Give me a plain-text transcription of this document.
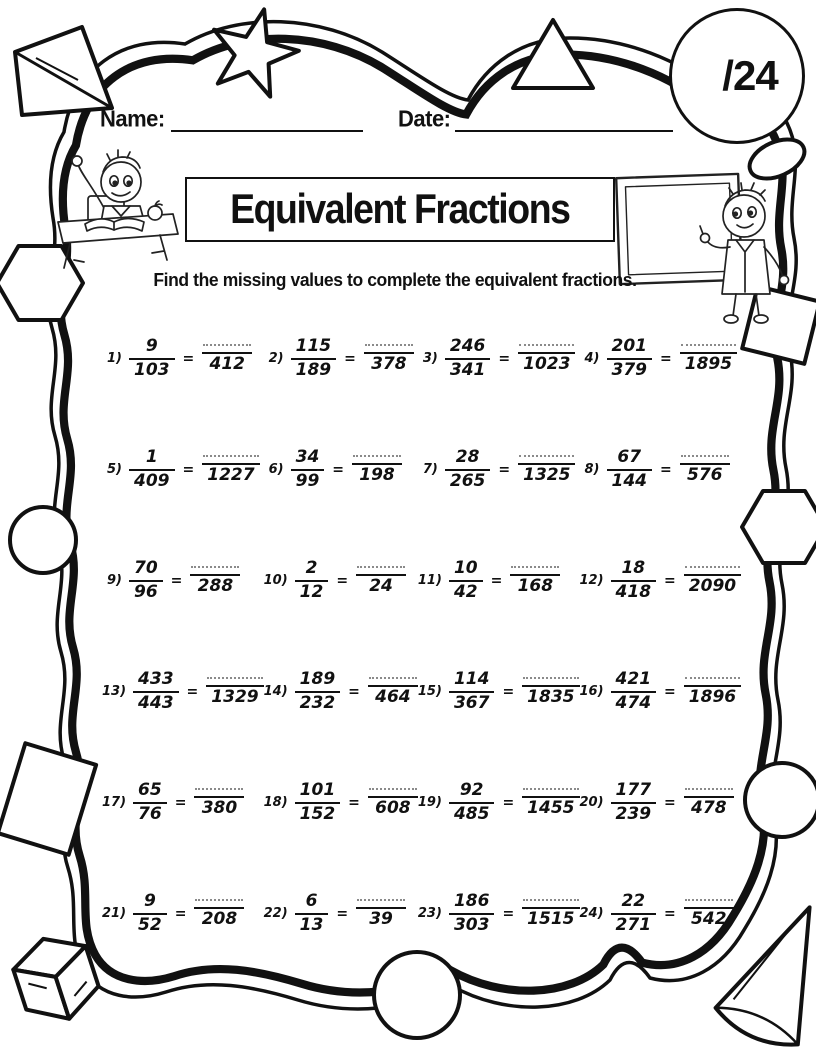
/24
Name:	Date:
Equivalent Fractions
Find the missing values to complete the equivalent fractions.
$1) \frac{9}{103} = 412$	$2) \frac{115}{189} = 378$	$3) \frac{246}{341} = 1023$	$4) \frac{201}{379} = 1895$
$5) \frac{1}{409} = 1227$	$6) \frac{34}{99} = 198$	$7) \frac{28}{265} = 1325$	$8) \frac{67}{144} = 576$
$9) \frac{70}{96} = 288$	$10) \frac{2}{12}$ =	24	$11) \frac{10}{42} = 168$	$12) \frac{18}{418} = 2090$
$13) \frac{433}{443} = 1329$ $14) \frac{189}{232} = 464$ $15) \frac{114}{367} = 1835$ $16) \frac{421}{474} = 1896$
$17) \frac{65}{76} = 380$	$18) \frac{101}{152} = 608$ $19) \frac{92}{485} = 1455$ $20) \frac{177}{239} = 478$
$21) \frac{9}{52} = 208$	$22) \frac{6}{13}$ =	39	$23) \frac{186}{303} = 1515$ $24) \frac{22}{271} = 542$
